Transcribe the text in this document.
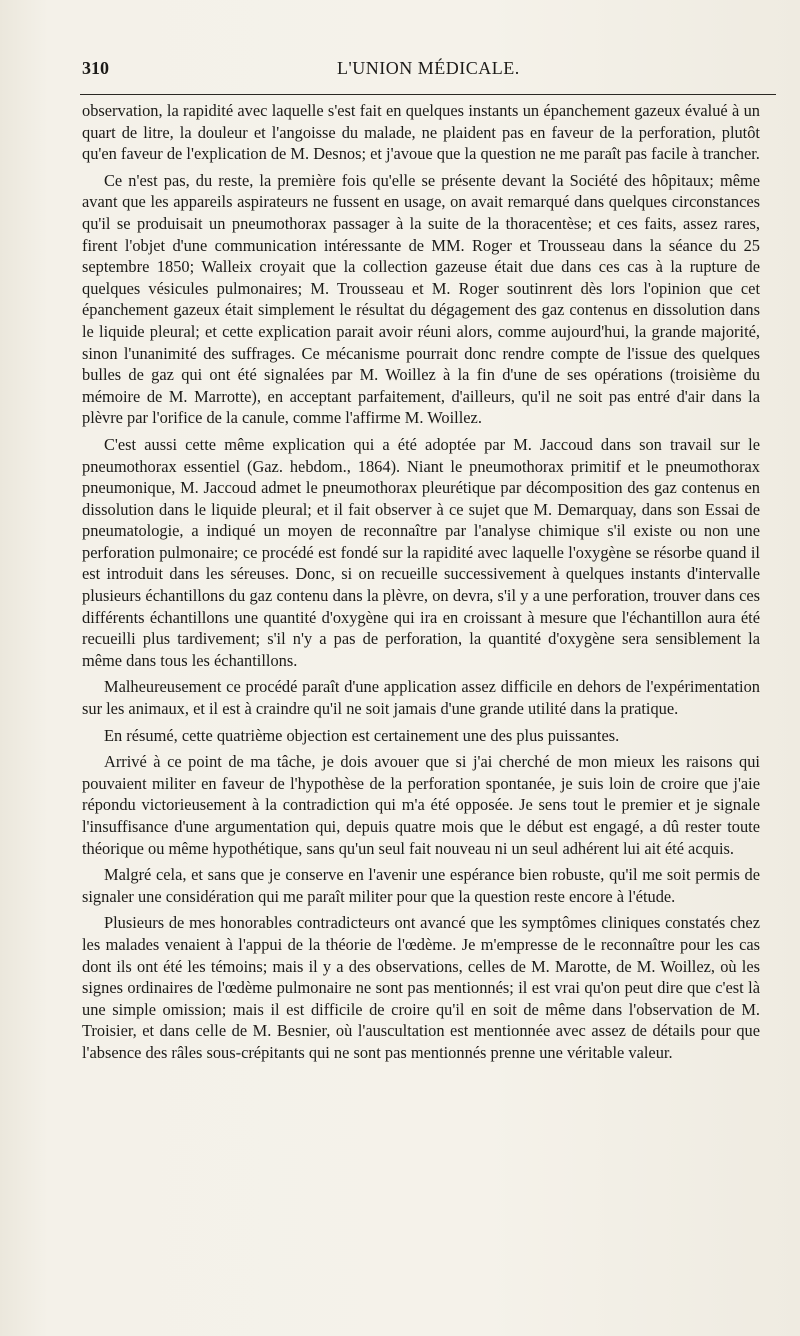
310	L'UNION MÉDICALE.

observation, la rapidité avec laquelle s'est fait en quelques instants un épanchement gazeux évalué à un quart de litre, la douleur et l'angoisse du malade, ne plaident pas en faveur de la perforation, plutôt qu'en faveur de l'explication de M. Desnos; et j'avoue que la question ne me paraît pas facile à trancher.

Ce n'est pas, du reste, la première fois qu'elle se présente devant la Société des hôpitaux; même avant que les appareils aspirateurs ne fussent en usage, on avait remarqué dans quelques circonstances qu'il se produisait un pneumothorax passager à la suite de la thoracentèse; et ces faits, assez rares, firent l'objet d'une communication intéressante de MM. Roger et Trousseau dans la séance du 25 septembre 1850; Walleix croyait que la collection gazeuse était due dans ces cas à la rupture de quelques vésicules pulmonaires; M. Trousseau et M. Roger soutinrent dès lors l'opinion que cet épanchement gazeux était simplement le résultat du dégagement des gaz contenus en dissolution dans le liquide pleural; et cette explication parait avoir réuni alors, comme aujourd'hui, la grande majorité, sinon l'unanimité des suffrages. Ce mécanisme pourrait donc rendre compte de l'issue des quelques bulles de gaz qui ont été signalées par M. Woillez à la fin d'une de ses opérations (troisième du mémoire de M. Marrotte), en acceptant parfaitement, d'ailleurs, qu'il ne soit pas entré d'air dans la plèvre par l'orifice de la canule, comme l'affirme M. Woillez.

C'est aussi cette même explication qui a été adoptée par M. Jaccoud dans son travail sur le pneumothorax essentiel (Gaz. hebdom., 1864). Niant le pneumothorax primitif et le pneumothorax pneumonique, M. Jaccoud admet le pneumothorax pleurétique par décomposition des gaz contenus en dissolution dans le liquide pleural; et il fait observer à ce sujet que M. Demarquay, dans son Essai de pneumatologie, a indiqué un moyen de reconnaître par l'analyse chimique s'il existe ou non une perforation pulmonaire; ce procédé est fondé sur la rapidité avec laquelle l'oxygène se résorbe quand il est introduit dans les séreuses. Donc, si on recueille successivement à quelques instants d'intervalle plusieurs échantillons du gaz contenu dans la plèvre, on devra, s'il y a une perforation, trouver dans ces différents échantillons une quantité d'oxygène qui ira en croissant à mesure que l'échantillon aura été recueilli plus tardivement; s'il n'y a pas de perforation, la quantité d'oxygène sera sensiblement la même dans tous les échantillons.

Malheureusement ce procédé paraît d'une application assez difficile en dehors de l'expérimentation sur les animaux, et il est à craindre qu'il ne soit jamais d'une grande utilité dans la pratique.

En résumé, cette quatrième objection est certainement une des plus puissantes.

Arrivé à ce point de ma tâche, je dois avouer que si j'ai cherché de mon mieux les raisons qui pouvaient militer en faveur de l'hypothèse de la perforation spontanée, je suis loin de croire que j'aie répondu victorieusement à la contradiction qui m'a été opposée. Je sens tout le premier et je signale l'insuffisance d'une argumentation qui, depuis quatre mois que le début est engagé, a dû rester toute théorique ou même hypothétique, sans qu'un seul fait nouveau ni un seul adhérent lui ait été acquis.

Malgré cela, et sans que je conserve en l'avenir une espérance bien robuste, qu'il me soit permis de signaler une considération qui me paraît militer pour que la question reste encore à l'étude.

Plusieurs de mes honorables contradicteurs ont avancé que les symptômes cliniques constatés chez les malades venaient à l'appui de la théorie de l'œdème. Je m'empresse de le reconnaître pour les cas dont ils ont été les témoins; mais il y a des observations, celles de M. Marotte, de M. Woillez, où les signes ordinaires de l'œdème pulmonaire ne sont pas mentionnés; il est vrai qu'on peut dire que c'est là une simple omission; mais il est difficile de croire qu'il en soit de même dans l'observation de M. Troisier, et dans celle de M. Besnier, où l'auscultation est mentionnée avec assez de détails pour que l'absence des râles sous-crépitants qui ne sont pas mentionnés prenne une véritable valeur.
